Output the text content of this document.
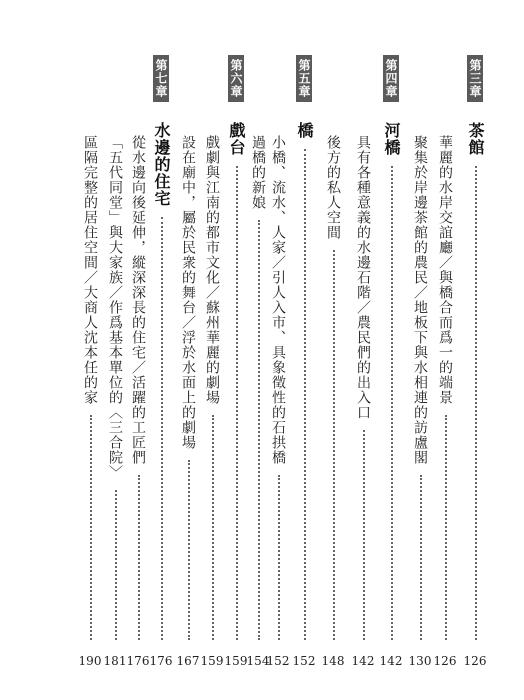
第三章
茶館
126
華麗的水岸交誼廳／與橋合而爲一的端景
126
聚集於岸邊茶館的農民／地板下與水相連的訪盧閣
130
第四章
河橋
142
具有各種意義的水邊石階／農民們的出入口
142
後方的私人空間
148
第五章
橋
152
小橋、流水、人家／引人入市、具象徵性的石拱橋
152
過橋的新娘
154
第六章
戲台
159
戲劇與江南的都市文化／蘇州華麗的劇場
159
設在廟中，屬於民衆的舞台／浮於水面上的劇場
167
第七章
水邊的住宅
176
從水邊向後延伸，縱深深長的住宅／活躍的工匠們
176
「五代同堂」與大家族／作爲基本單位的〈三合院〉
181
區隔完整的居住空間／大商人沈本任的家
190
